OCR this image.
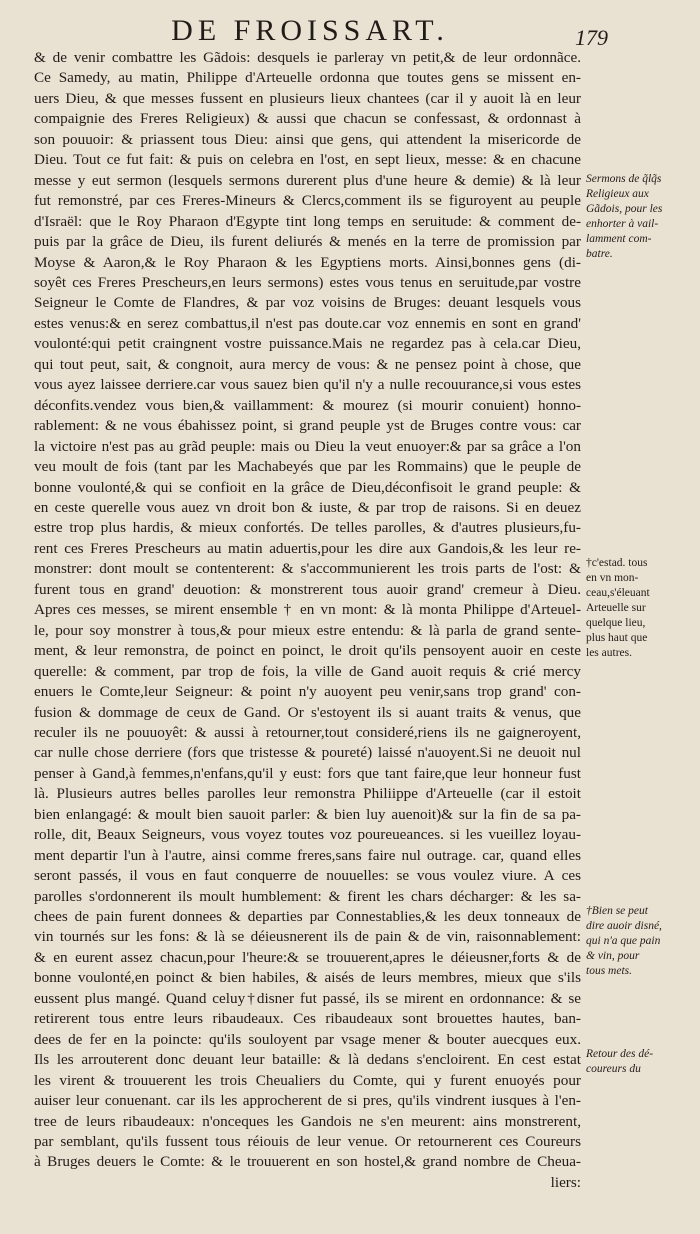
DE FROISSART.	179
& de venir combattre les Gãdois: desquels ie parleray vn petit,& de leur ordonnãce.
Ce Samedy, au matin, Philippe d'Arteuelle ordonna que toutes gens se missent en-
uers Dieu, & que messes fussent en plusieurs lieux chantees (car il y auoit là en leur
compaignie des Freres Religieux) & aussi que chacun se confessast, & ordonnast à
son pouuoir: & priassent tous Dieu: ainsi que gens, qui attendent la misericorde de
Dieu. Tout ce fut fait: & puis on celebra en l'ost, en sept lieux, messe: & en chacune
messe y eut sermon (lesquels sermons durerent plus d'une heure & demie) & là leur
fut remonstré, par ces Freres-Mineurs & Clercs,comment ils se figuroyent au peuple
d'Israël: que le Roy Pharaon d'Egypte tint long temps en seruitude: & comment de-
puis par la grâce de Dieu, ils furent deliurés & menés en la terre de promission par
Moyse & Aaron,& le Roy Pharaon & les Egyptiens morts. Ainsi,bonnes gens (di-
soyêt ces Freres Prescheurs,en leurs sermons) estes vous tenus en seruitude,par vostre
Seigneur le Comte de Flandres, & par voz voisins de Bruges: deuant lesquels vous
estes venus:& en serez combattus,il n'est pas doute.car voz ennemis en sont en grand'
voulonté:qui petit craingnent vostre puissance.Mais ne regardez pas à cela.car Dieu,
qui tout peut, sait, & congnoit, aura mercy de vous: & ne pensez point à chose, que
vous ayez laissee derriere.car vous sauez bien qu'il n'y a nulle recouurance,si vous estes
déconfits.vendez vous bien,& vaillamment: & mourez (si mourir conuient) honno-
rablement: & ne vous ébahissez point, si grand peuple yst de Bruges contre vous: car
la victoire n'est pas au grãd peuple: mais ou Dieu la veut enuoyer:& par sa grâce a l'on
veu moult de fois (tant par les Machabeyés que par les Rommains) que le peuple de
bonne voulonté,& qui se confioit en la grâce de Dieu,déconfisoit le grand peuple: &
en ceste querelle vous auez vn droit bon & iuste, & par trop de raisons. Si en deuez
estre trop plus hardis, & mieux confortés. De telles parolles, & d'autres plusieurs,fu-
rent ces Freres Prescheurs au matin aduertis,pour les dire aux Gandois,& les leur re-
monstrer: dont moult se contenterent: & s'accommunierent les trois parts de l'ost: &
furent tous en grand' deuotion: & monstrerent tous auoir grand' cremeur à Dieu.
Apres ces messes, se mirent ensemble † en vn mont: & là monta Philippe d'Arteuel-
le, pour soy monstrer à tous,& pour mieux estre entendu: & là parla de grand sente-
ment, & leur remonstra, de poinct en poinct, le droit qu'ils pensoyent auoir en ceste
querelle: & comment, par trop de fois, la ville de Gand auoit requis & crié mercy
enuers le Comte,leur Seigneur: & point n'y auoyent peu venir,sans trop grand' con-
fusion & dommage de ceux de Gand. Or s'estoyent ils si auant traits & venus, que
reculer ils ne pouuoyêt: & aussi à retourner,tout consideré,riens ils ne gaigneroyent,
car nulle chose derriere (fors que tristesse & poureté) laissé n'auoyent.Si ne deuoit nul
penser à Gand,à femmes,n'enfans,qu'il y eust: fors que tant faire,que leur honneur fust
là. Plusieurs autres belles parolles leur remonstra Philiippe d'Arteuelle (car il estoit
bien enlangagé: & moult bien sauoit parler: & bien luy auenoit)& sur la fin de sa pa-
rolle, dit, Beaux Seigneurs, vous voyez toutes voz poureueances. si les vueillez loyau-
ment departir l'un à l'autre, ainsi comme freres,sans faire nul outrage. car, quand elles
seront passés, il vous en faut conquerre de nouuelles: se vous voulez viure. A ces
parolles s'ordonnerent ils moult humblement: & firent les chars décharger: & les sa-
chees de pain furent donnees & departies par Connestablies,& les deux tonneaux de
vin tournés sur les fons: & là se déieusnerent ils de pain & de vin, raisonnablement:
& en eurent assez chacun,pour l'heure:& se trouuerent,apres le déieusner,forts & de
bonne voulonté,en poinct & bien habiles, & aisés de leurs membres, mieux que s'ils
eussent plus mangé. Quand celuy†disner fut passé, ils se mirent en ordonnance: & se
retirerent tous entre leurs ribaudeaux. Ces ribaudeaux sont brouettes hautes, ban-
dees de fer en la poincte: qu'ils souloyent par vsage mener & bouter auecques eux.
Ils les arrouterent donc deuant leur bataille: & là dedans s'encloirent. En cest estat
les virent & trouuerent les trois Cheualiers du Comte, qui y furent enuoyés pour
auiser leur conuenant. car ils les approcherent de si pres, qu'ils vindrent iusques à l'en-
tree de leurs ribaudeaux: n'onceques les Gandois ne s'en meurent: ains monstrerent,
par semblant, qu'ils fussent tous réiouis de leur venue. Or retournerent ces Coureurs
à Bruges deuers le Comte: & le trouuerent en son hostel,& grand nombre de Cheua-
liers:
Sermons de q̃lq̃s
Religieux aux
Gãdois, pour les
enhorter à vail-
lamment com-
batre.
†c'estad. tous
en vn mon-
ceau,s'éleuant
Arteuelle sur
quelque lieu,
plus haut que
les autres.
†Bien se peut
dire auoir disné,
qui n'a que pain
& vin, pour
tous mets.
Retour des dé-
coureurs du
